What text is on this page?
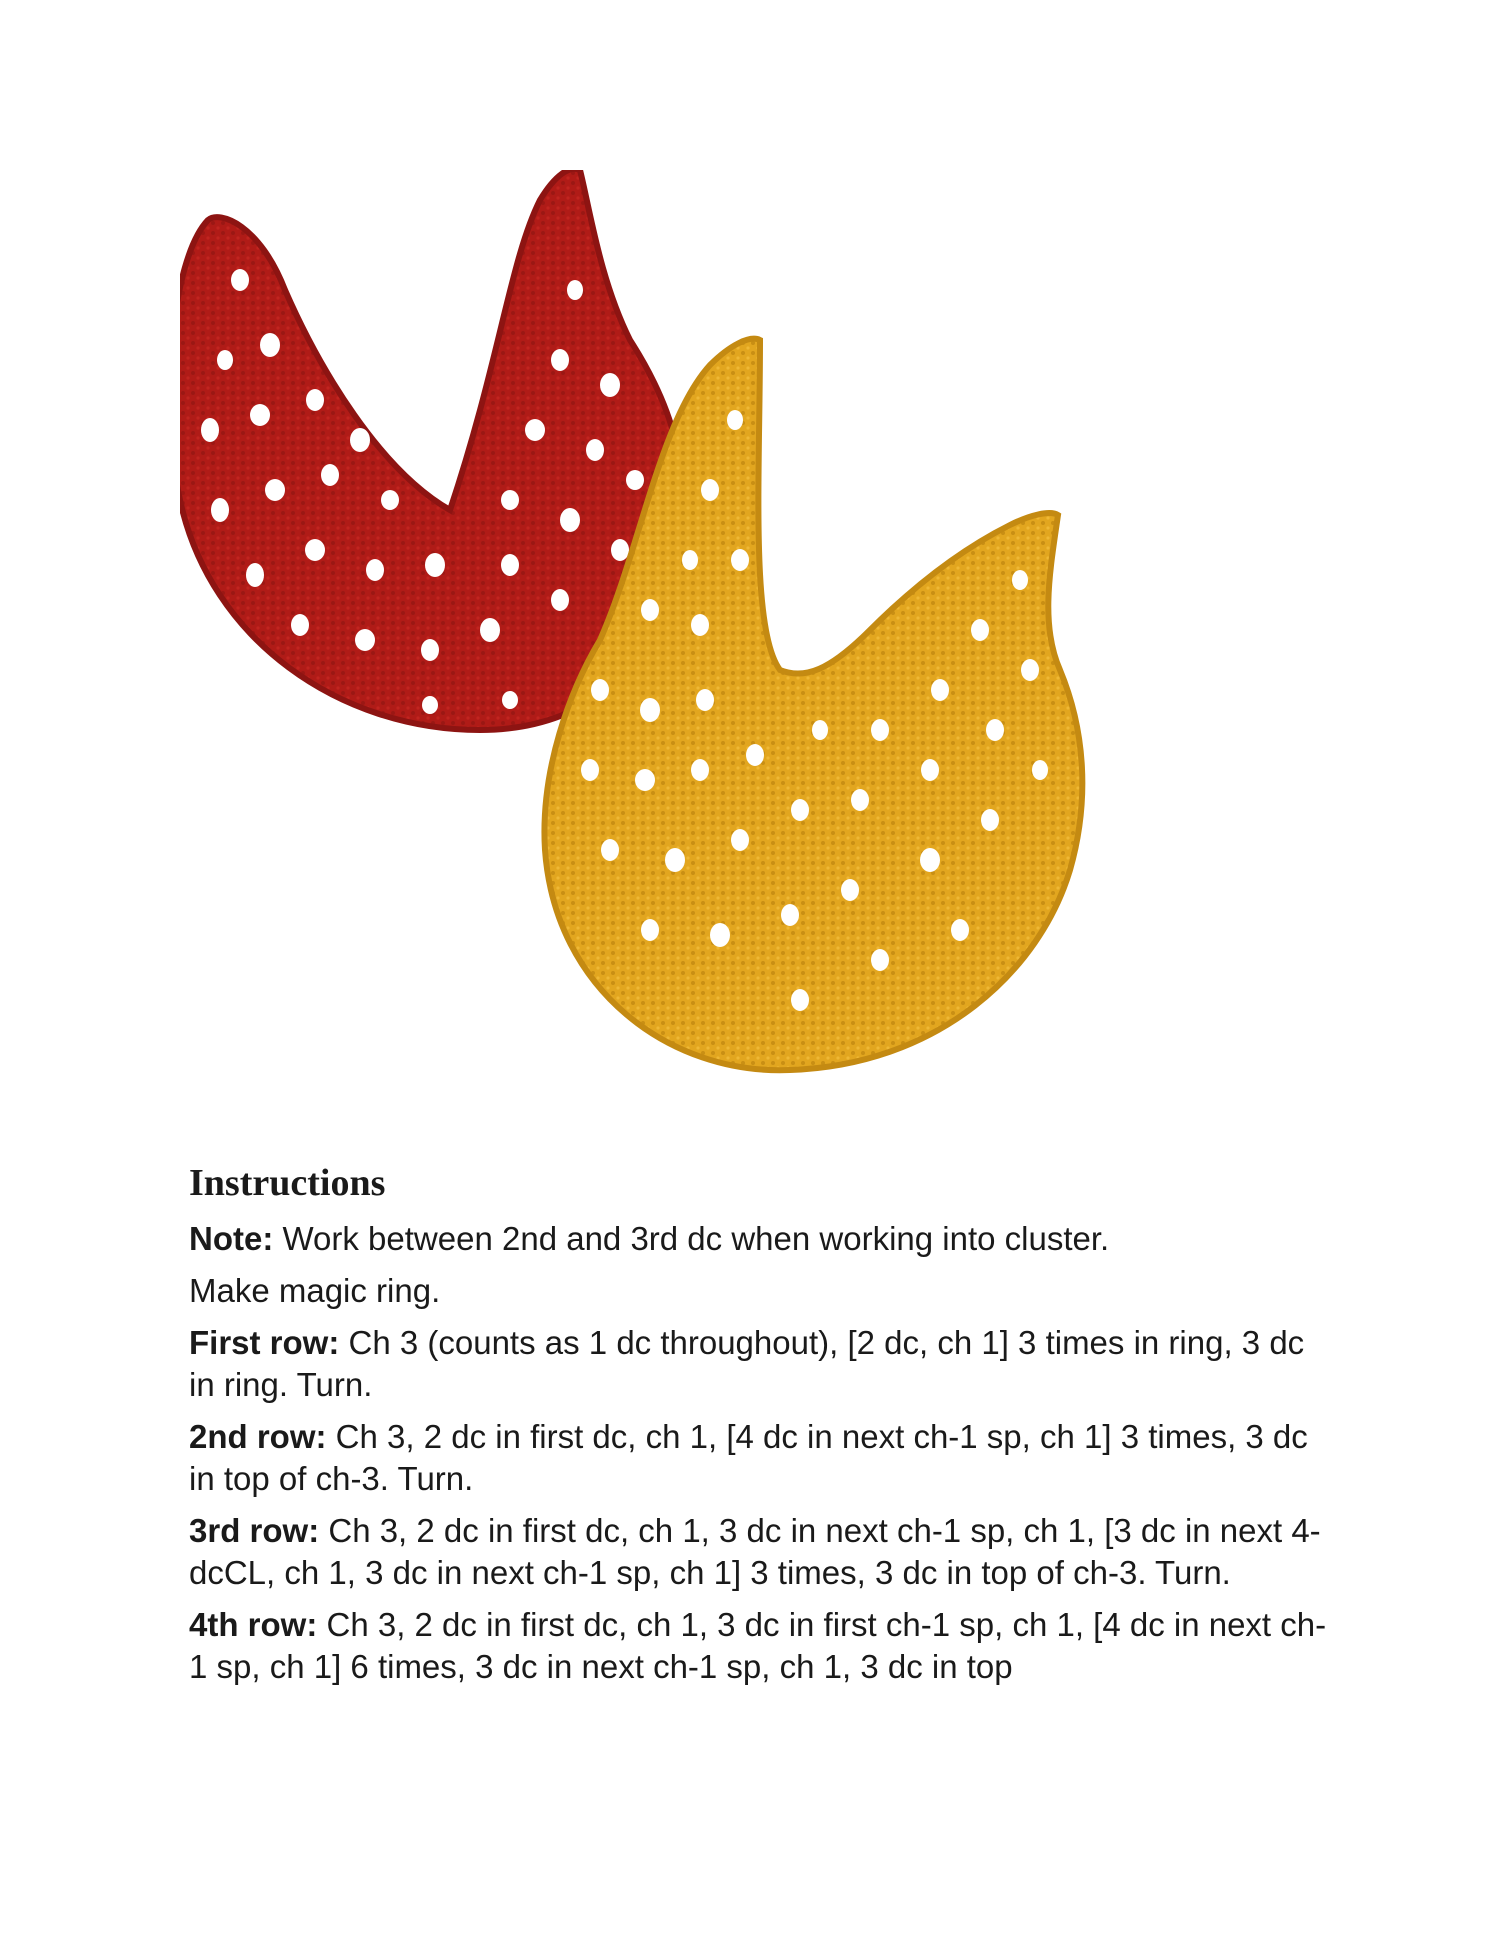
Instructions

Note: Work between 2nd and 3rd dc when working into cluster.

Make magic ring.

First row: Ch 3 (counts as 1 dc throughout), [2 dc, ch 1] 3 times in ring, 3 dc in ring. Turn.

2nd row: Ch 3, 2 dc in first dc, ch 1, [4 dc in next ch-1 sp, ch 1] 3 times, 3 dc in top of ch-3. Turn.

3rd row: Ch 3, 2 dc in first dc, ch 1, 3 dc in next ch-1 sp, ch 1, [3 dc in next 4-dcCL, ch 1, 3 dc in next ch-1 sp, ch 1] 3 times, 3 dc in top of ch-3. Turn.

4th row: Ch 3, 2 dc in first dc, ch 1, 3 dc in first ch-1 sp, ch 1, [4 dc in next ch-1 sp, ch 1] 6 times, 3 dc in next ch-1 sp, ch 1, 3 dc in top
